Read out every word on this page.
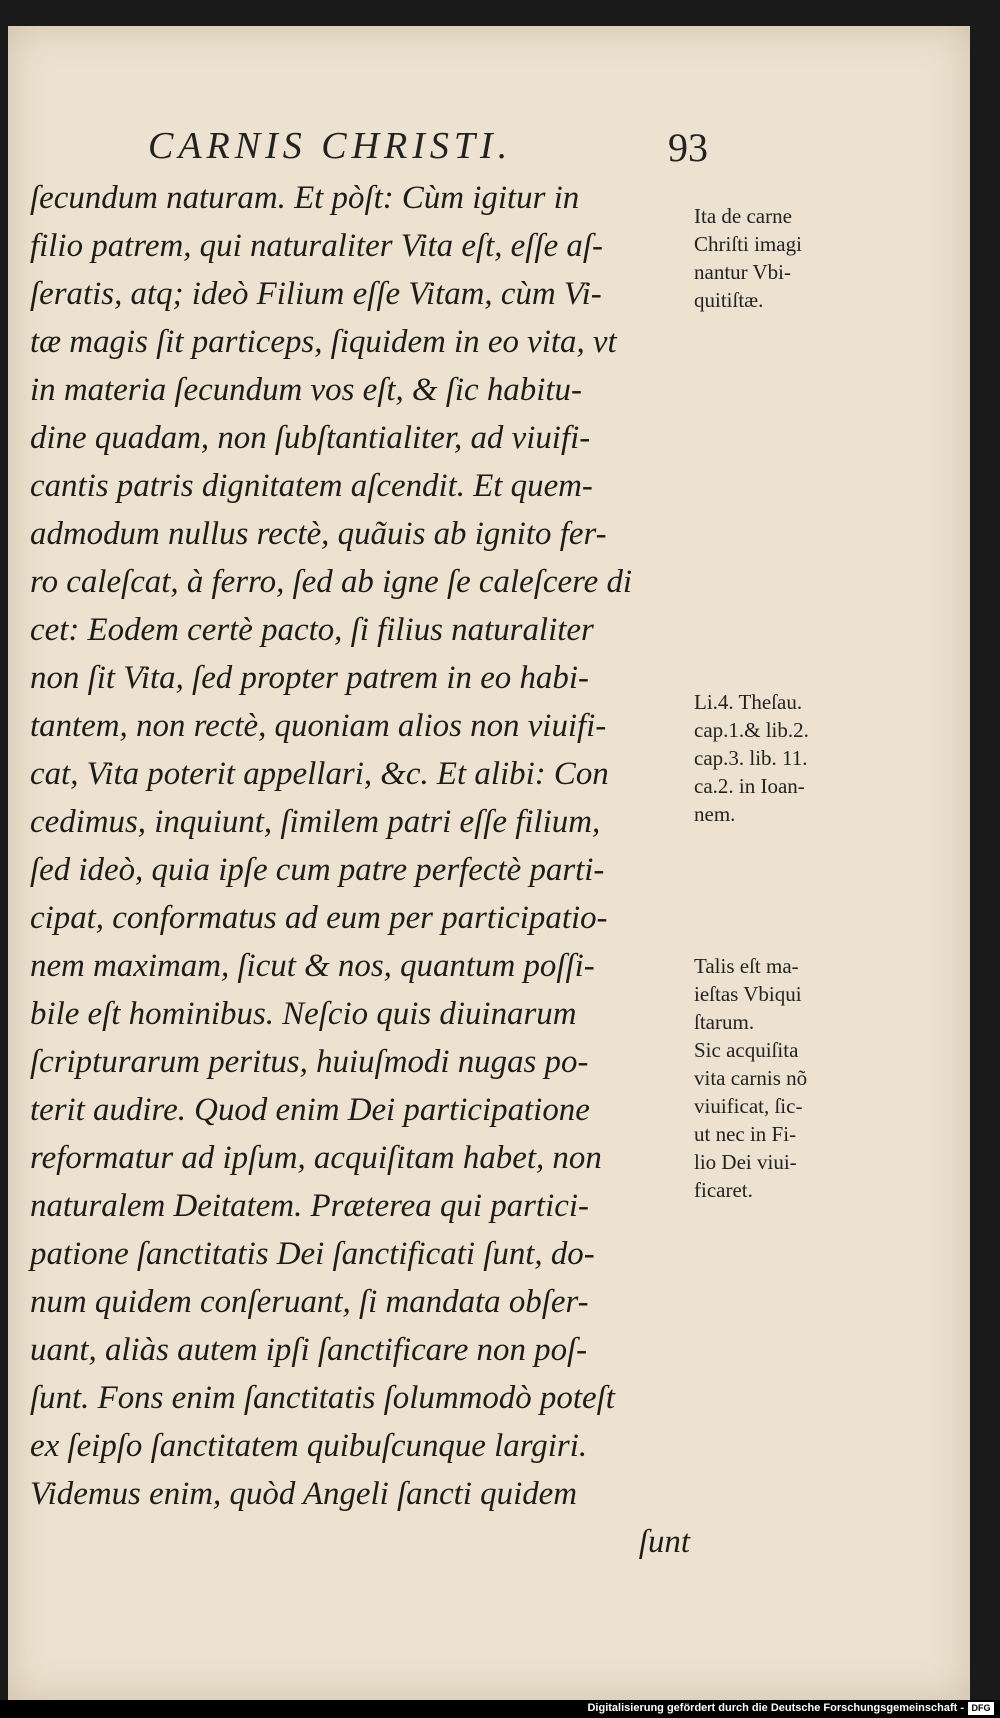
CARNIS CHRISTI.	93
ſecundum naturam. Et pòſt: Cùm igitur in
filio patrem, qui naturaliter Vita eſt, eſſe aſ-
ſeratis, atq; ideò Filium eſſe Vitam, cùm Vi-
tæ magis ſit particeps, ſiquidem in eo vita, vt
in materia ſecundum vos eſt, & ſic habitu-
dine quadam, non ſubſtantialiter, ad viuifi-
cantis patris dignitatem aſcendit. Et quem-
admodum nullus rectè, quãuis ab ignito fer-
ro caleſcat, à ferro, ſed ab igne ſe caleſcere di
cet: Eodem certè pacto, ſi filius naturaliter
non ſit Vita, ſed propter patrem in eo habi-
tantem, non rectè, quoniam alios non viuifi-
cat, Vita poterit appellari, &c. Et alibi: Con
cedimus, inquiunt, ſimilem patri eſſe filium,
ſed ideò, quia ipſe cum patre perfectè parti-
cipat, conformatus ad eum per participatio-
nem maximam, ſicut & nos, quantum poſſi-
bile eſt hominibus. Neſcio quis diuinarum
ſcripturarum peritus, huiuſmodi nugas po-
terit audire. Quod enim Dei participatione
reformatur ad ipſum, acquiſitam habet, non
naturalem Deitatem. Præterea qui partici-
patione ſanctitatis Dei ſanctificati ſunt, do-
num quidem conſeruant, ſi mandata obſer-
uant, aliàs autem ipſi ſanctificare non poſ-
ſunt. Fons enim ſanctitatis ſolummodò poteſt
ex ſeipſo ſanctitatem quibuſcunque largiri.
Videmus enim, quòd Angeli ſancti quidem
ſunt
Ita de carne
Chriſti imagi
nantur Vbi-
quitiſtæ.
Li.4. Theſau.
cap.1.& lib.2.
cap.3. lib. 11.
ca.2. in Ioan-
nem.
Talis eſt ma-
ieſtas Vbiqui
ſtarum.
Sic acquiſita
vita carnis nõ
viuificat, ſic-
ut nec in Fi-
lio Dei viui-
ficaret.
Digitalisierung gefördert durch die Deutsche Forschungsgemeinschaft - DFG
